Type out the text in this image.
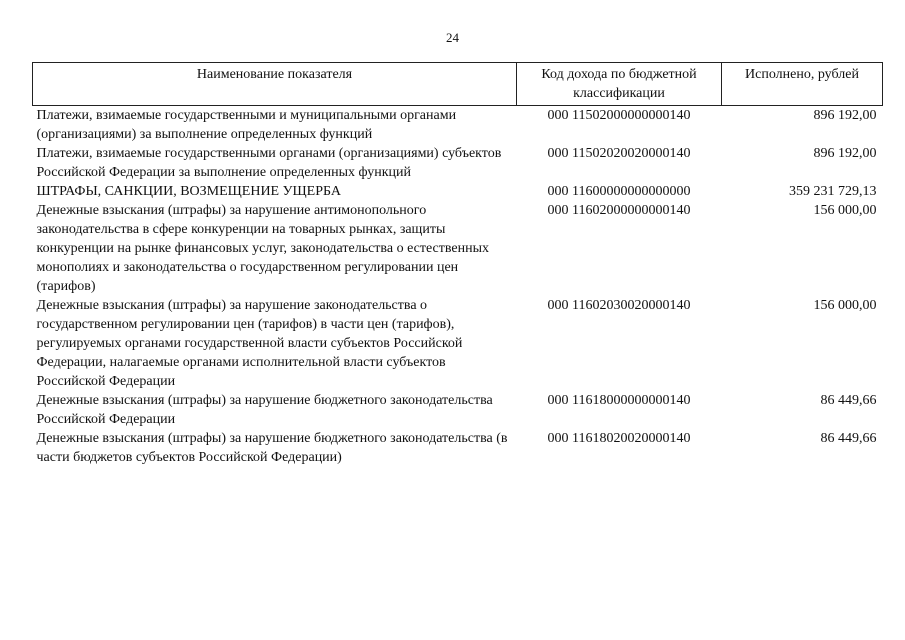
24
Наименование показателя	Код дохода по бюджетной классификации	Исполнено, рублей
Платежи, взимаемые государственными и муниципальными органами (организациями) за выполнение определенных функций	000 11502000000000140	896 192,00
Платежи, взимаемые государственными органами (организациями) субъектов Российской Федерации за выполнение определенных функций	000 11502020020000140	896 192,00
ШТРАФЫ, САНКЦИИ, ВОЗМЕЩЕНИЕ УЩЕРБА	000 11600000000000000	359 231 729,13
Денежные взыскания (штрафы) за нарушение антимонопольного законодательства в сфере конкуренции на товарных рынках, защиты конкуренции на рынке финансовых услуг, законодательства о естественных монополиях и законодательства о государственном регулировании цен (тарифов)	000 11602000000000140	156 000,00
Денежные взыскания (штрафы) за нарушение законодательства о государственном регулировании цен (тарифов) в части цен (тарифов), регулируемых органами государственной власти субъектов Российской Федерации, налагаемые органами исполнительной власти субъектов Российской Федерации	000 11602030020000140	156 000,00
Денежные взыскания (штрафы) за нарушение бюджетного законодательства Российской Федерации	000 11618000000000140	86 449,66
Денежные взыскания (штрафы) за нарушение бюджетного законодательства (в части бюджетов субъектов Российской Федерации)	000 11618020020000140	86 449,66
